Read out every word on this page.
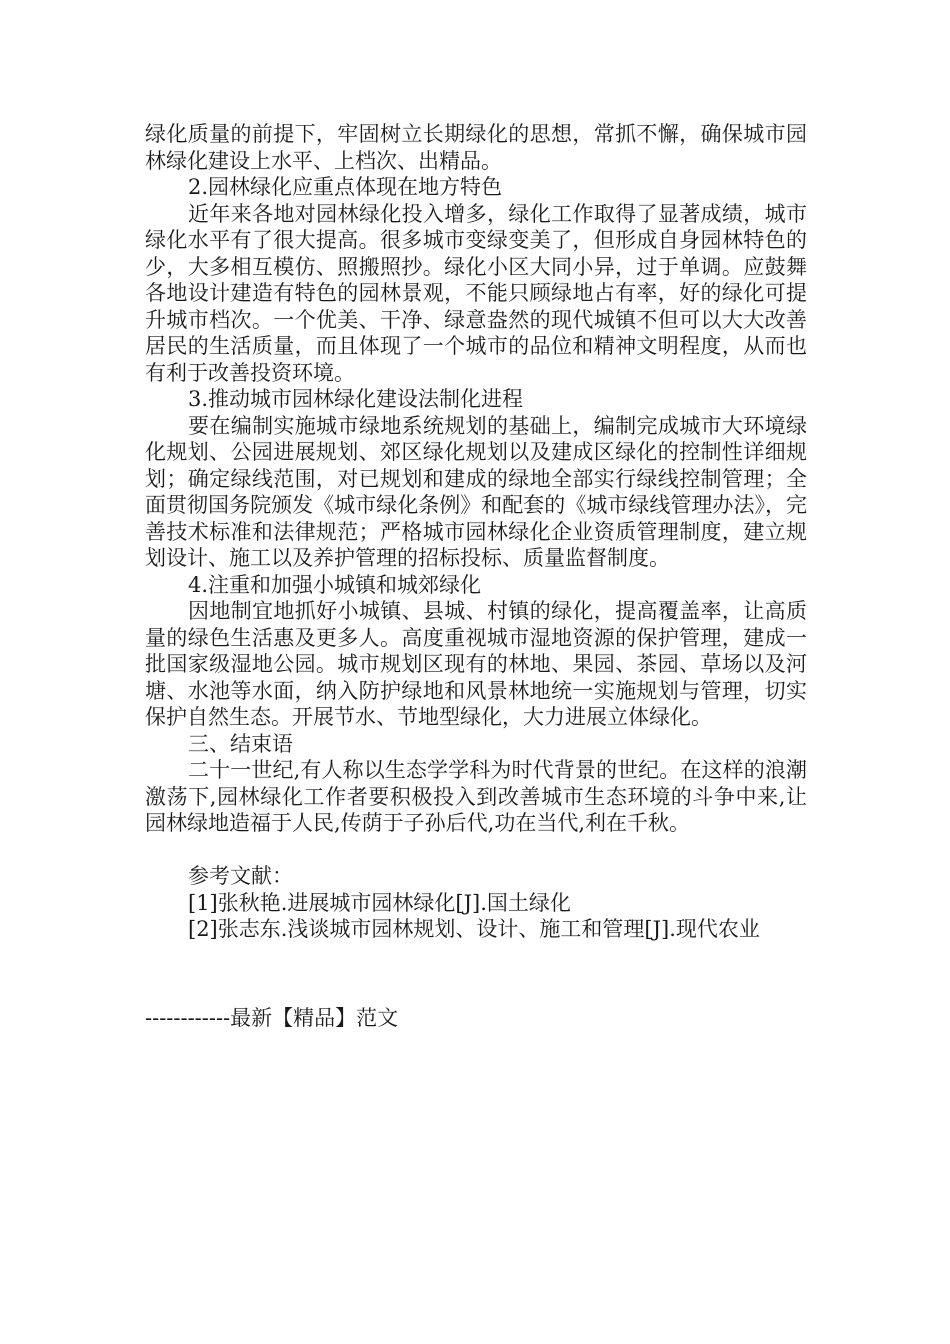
绿化质量的前提下，牢固树立长期绿化的思想，常抓不懈，确保城市园林绿化建设上水平、上档次、出精品。

2.园林绿化应重点体现在地方特色

近年来各地对园林绿化投入增多，绿化工作取得了显著成绩，城市绿化水平有了很大提高。很多城市变绿变美了，但形成自身园林特色的少，大多相互模仿、照搬照抄。绿化小区大同小异，过于单调。应鼓舞各地设计建造有特色的园林景观，不能只顾绿地占有率，好的绿化可提升城市档次。一个优美、干净、绿意盎然的现代城镇不但可以大大改善居民的生活质量，而且体现了一个城市的品位和精神文明程度，从而也有利于改善投资环境。

3.推动城市园林绿化建设法制化进程

要在编制实施城市绿地系统规划的基础上，编制完成城市大环境绿化规划、公园进展规划、郊区绿化规划以及建成区绿化的控制性详细规划；确定绿线范围，对已规划和建成的绿地全部实行绿线控制管理；全面贯彻国务院颁发《城市绿化条例》和配套的《城市绿线管理办法》，完善技术标准和法律规范；严格城市园林绿化企业资质管理制度，建立规划设计、施工以及养护管理的招标投标、质量监督制度。

4.注重和加强小城镇和城郊绿化

因地制宜地抓好小城镇、县城、村镇的绿化，提高覆盖率，让高质量的绿色生活惠及更多人。高度重视城市湿地资源的保护管理，建成一批国家级湿地公园。城市规划区现有的林地、果园、茶园、草场以及河塘、水池等水面，纳入防护绿地和风景林地统一实施规划与管理，切实保护自然生态。开展节水、节地型绿化，大力进展立体绿化。

三、结束语

二十一世纪,有人称以生态学学科为时代背景的世纪。在这样的浪潮激荡下,园林绿化工作者要积极投入到改善城市生态环境的斗争中来,让园林绿地造福于人民,传荫于子孙后代,功在当代,利在千秋。

参考文献：

[1]张秋艳.进展城市园林绿化[J].国土绿化

[2]张志东.浅谈城市园林规划、设计、施工和管理[J].现代农业

------------最新【精品】范文
